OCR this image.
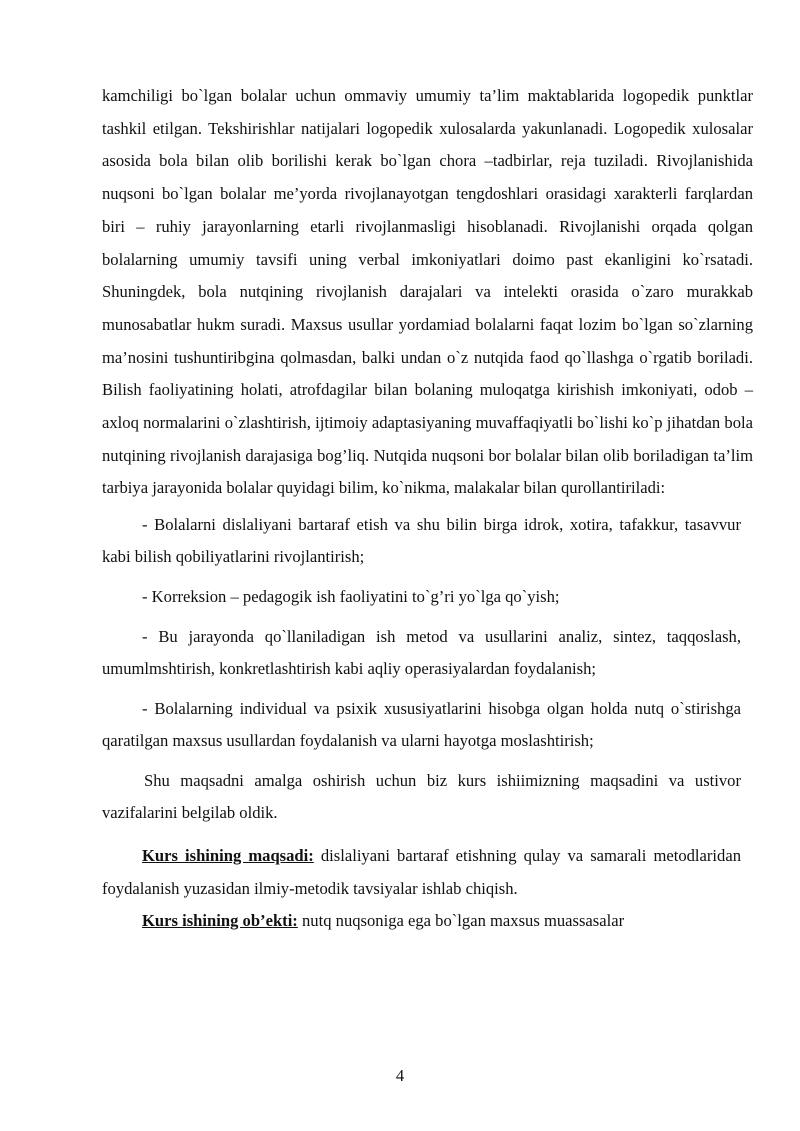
kamchiligi bo`lgan bolalar uchun ommaviy umumiy ta’lim maktablarida logopedik punktlar tashkil etilgan. Tekshirishlar natijalari logopedik xulosalarda yakunlanadi. Logopedik xulosalar asosida bola bilan olib borilishi kerak bo`lgan chora –tadbirlar, reja tuziladi. Rivojlanishida nuqsoni bo`lgan bolalar me’yorda rivojlanayotgan tengdoshlari orasidagi xarakterli farqlardan biri – ruhiy jarayonlarning etarli rivojlanmasligi hisoblanadi. Rivojlanishi orqada qolgan bolalarning umumiy tavsifi uning verbal imkoniyatlari doimo past ekanligini ko`rsatadi. Shuningdek, bola nutqining rivojlanish darajalari va intelekti orasida o`zaro murakkab munosabatlar hukm suradi. Maxsus usullar yordamiad bolalarni faqat lozim bo`lgan so`zlarning ma’nosini tushuntiribgina qolmasdan, balki undan o`z nutqida faod qo`llashga o`rgatib boriladi. Bilish faoliyatining holati, atrofdagilar bilan bolaning muloqatga kirishish imkoniyati, odob – axloq normalarini o`zlashtirish, ijtimoiy adaptasiyaning muvaffaqiyatli bo`lishi ko`p jihatdan bola nutqining rivojlanish darajasiga bog’liq. Nutqida nuqsoni bor bolalar bilan olib boriladigan ta’lim tarbiya jarayonida bolalar quyidagi bilim, ko`nikma, malakalar bilan qurollantiriladi:

- Bolalarni dislaliyani bartaraf etish va shu bilin birga idrok, xotira, tafakkur, tasavvur kabi bilish qobiliyatlarini rivojlantirish;

- Korreksion – pedagogik ish faoliyatini to`g’ri yo`lga qo`yish;

- Bu jarayonda qo`llaniladigan ish metod va usullarini analiz, sintez, taqqoslash, umumlmshtirish, konkretlashtirish kabi aqliy operasiyalardan foydalanish;

- Bolalarning individual va psixik xususiyatlarini hisobga olgan holda nutq o`stirishga qaratilgan maxsus usullardan foydalanish va ularni hayotga moslashtirish;

Shu maqsadni amalga oshirish uchun biz kurs ishiimizning maqsadini va ustivor vazifalarini belgilab oldik.

Kurs ishining maqsadi: dislaliyani bartaraf etishning qulay va samarali metodlaridan foydalanish yuzasidan ilmiy-metodik tavsiyalar ishlab chiqish.

Kurs ishining ob’ekti: nutq nuqsoniga ega bo`lgan maxsus muassasalar

4
